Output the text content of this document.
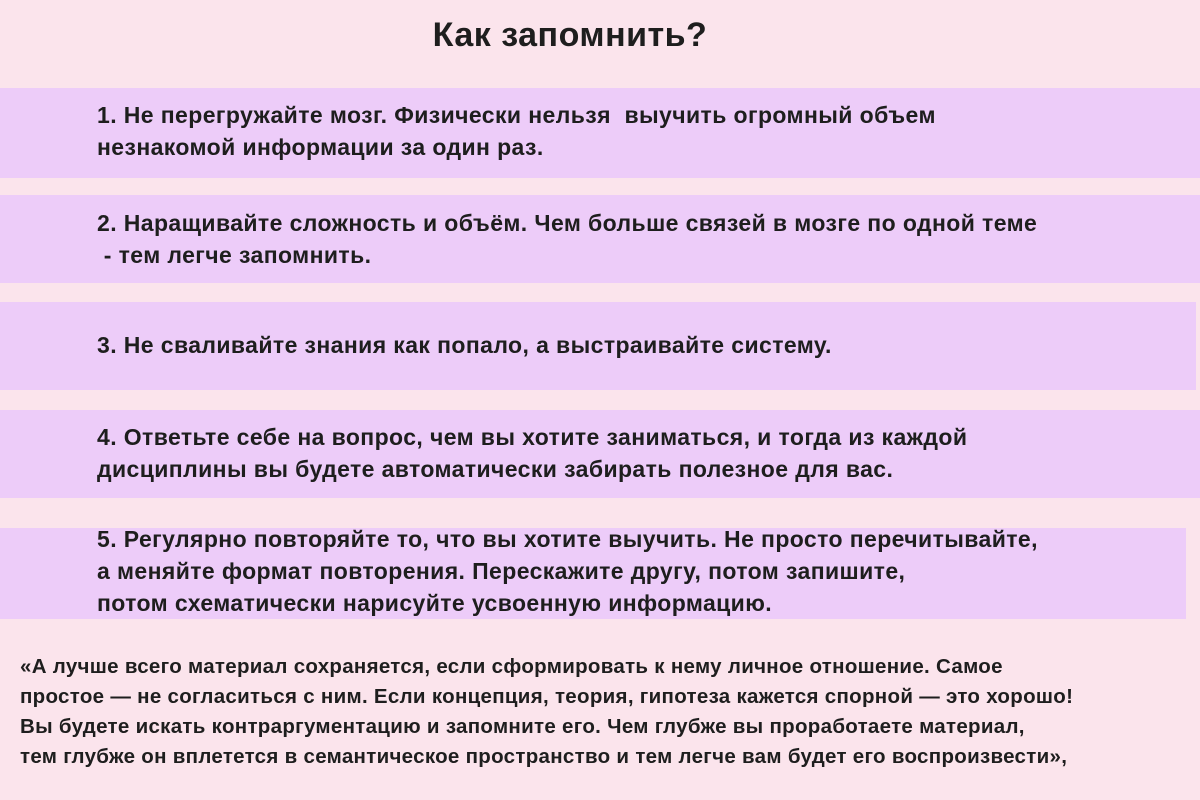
Как запомнить?
1. Не перегружайте мозг. Физически нельзя  выучить огромный объем
незнакомой информации за один раз.
2. Наращивайте сложность и объём. Чем больше связей в мозге по одной теме
- тем легче запомнить.
3. Не сваливайте знания как попало, а выстраивайте систему.
4. Ответьте себе на вопрос, чем вы хотите заниматься, и тогда из каждой
дисциплины вы будете автоматически забирать полезное для вас.
5. Регулярно повторяйте то, что вы хотите выучить. Не просто перечитывайте,
а меняйте формат повторения. Перескажите другу, потом запишите,
потом схематически нарисуйте усвоенную информацию.
«А лучше всего материал сохраняется, если сформировать к нему личное отношение. Самое
простое — не согласиться с ним. Если концепция, теория, гипотеза кажется спорной — это хорошо!
Вы будете искать контраргументацию и запомните его. Чем глубже вы проработаете материал,
тем глубже он вплетется в семантическое пространство и тем легче вам будет его воспроизвести»,
